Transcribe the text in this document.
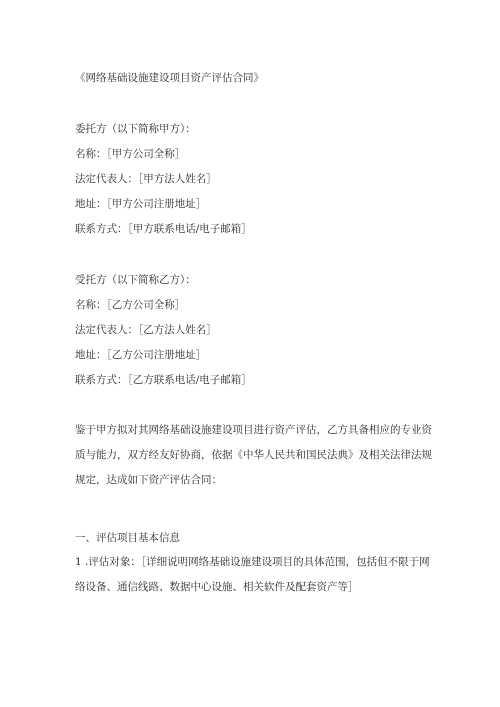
《网络基础设施建设项目资产评估合同》
委托方（以下简称甲方）：
名称：［甲方公司全称］
法定代表人：［甲方法人姓名］
地址：［甲方公司注册地址］
联系方式：［甲方联系电话/电子邮箱］
受托方（以下简称乙方）：
名称：［乙方公司全称］
法定代表人：［乙方法人姓名］
地址：［乙方公司注册地址］
联系方式：［乙方联系电话/电子邮箱］
鉴于甲方拟对其网络基础设施建设项目进行资产评估，乙方具备相应的专业资质与能力，双方经友好协商，依据《中华人民共和国民法典》及相关法律法规规定，达成如下资产评估合同：
一、评估项目基本信息
1 .评估对象：［详细说明网络基础设施建设项目的具体范围，包括但不限于网络设备、通信线路、数据中心设施、相关软件及配套资产等］
